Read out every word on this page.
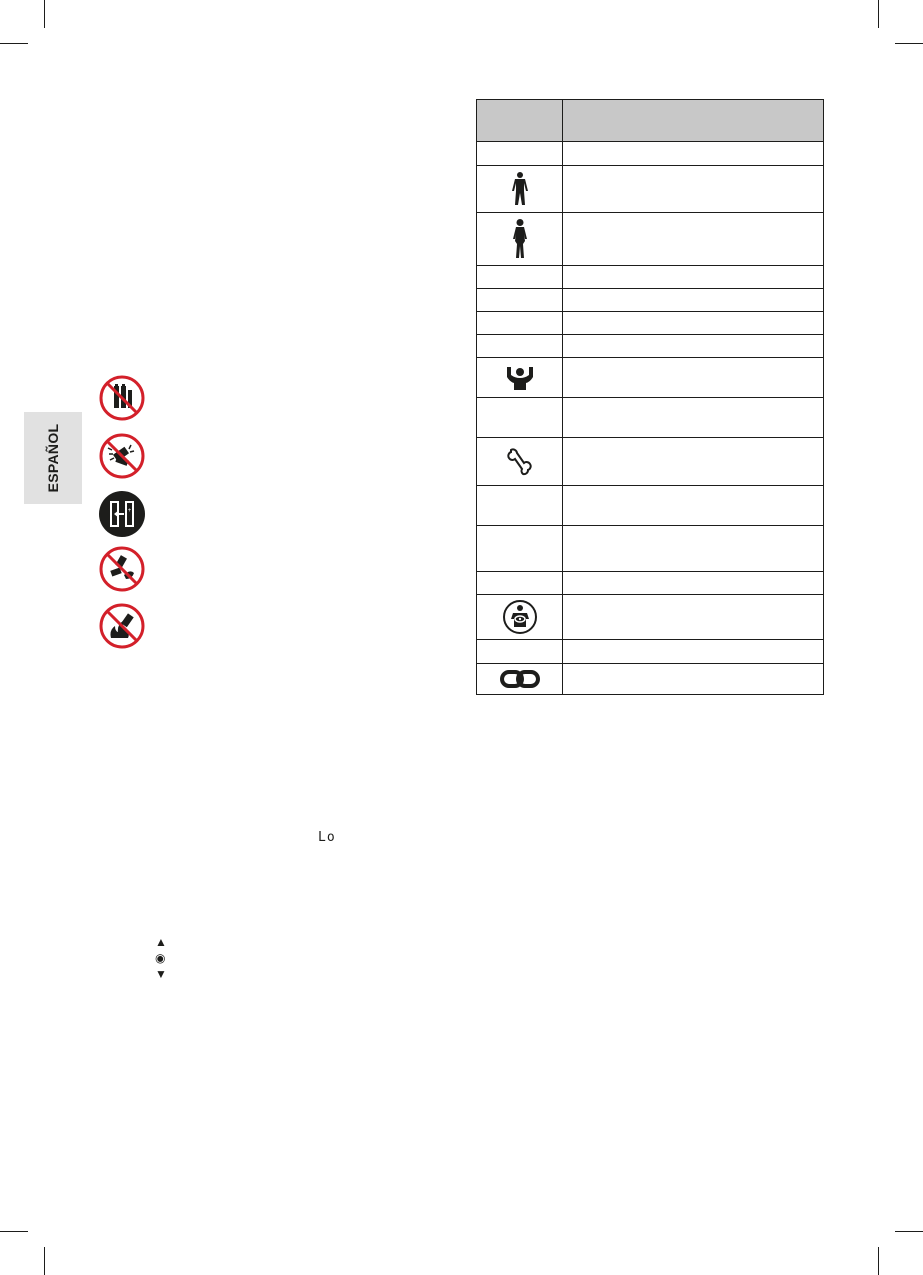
ESPAÑOL
+

Lo
▲
◉
▼
